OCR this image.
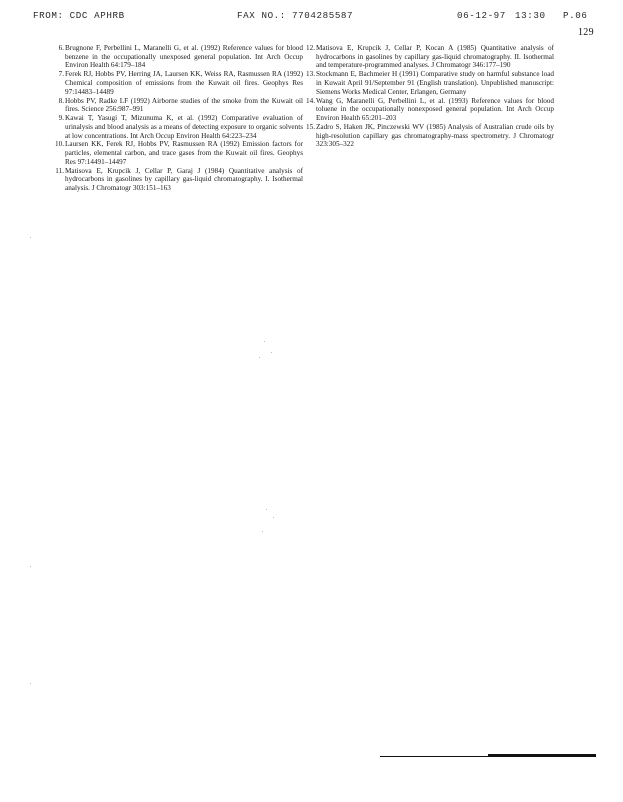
FROM: CDC APHRB	FAX NO.: 7704285587	06-12-97 13:30 P.06
129

6.Brugnone F, Perbellini L, Maranelli G, et al. (1992) Reference values for blood benzene in the occupationally unexposed general population. Int Arch Occup Environ Health 64:179–184

7.Ferek RJ, Hobbs PV, Herring JA, Laursen KK, Weiss RA, Rasmussen RA (1992) Chemical composition of emissions from the Kuwait oil fires. Geophys Res 97:14483–14489

8.Hobbs PV, Radke LF (1992) Airborne studies of the smoke from the Kuwait oil fires. Science 256:987–991

9.Kawai T, Yasugi T, Mizunuma K, et al. (1992) Comparative evaluation of urinalysis and blood analysis as a means of detecting exposure to organic solvents at low concentrations. Int Arch Occup Environ Health 64:223–234

10.Laursen KK, Ferek RJ, Hobbs PV, Rasmussen RA (1992) Emission factors for particles, elemental carbon, and trace gases from the Kuwait oil fires. Geophys Res 97:14491–14497

11.Matisova E, Krupcik J, Cellar P, Garaj J (1984) Quantitative analysis of hydrocarbons in gasolines by capillary gas-liquid chromatography. I. Isothermal analysis. J Chromatogr 303:151–163

12.Matisova E, Krupcik J, Cellar P, Kocan A (1985) Quantitative analysis of hydrocarbons in gasolines by capillary gas-liquid chromatography. II. Isothermal and temperature-programmed analyses. J Chromatogr 346:177–190

13.Stockmann E, Bachmeier H (1991) Comparative study on harmful substance load in Kuwait April 91/September 91 (English translation). Unpublished manuscript: Siemens Works Medical Center, Erlangen, Germany

14.Wang G, Maranelli G, Perbellini L, et al. (1993) Reference values for blood toluene in the occupationally nonexposed general population. Int Arch Occup Environ Health 65:201–203

15.Zadro S, Haken JK, Pinczewski WV (1985) Analysis of Australian crude oils by high-resolution capillary gas chromatography-mass spectrometry. J Chromatogr 323:305–322
